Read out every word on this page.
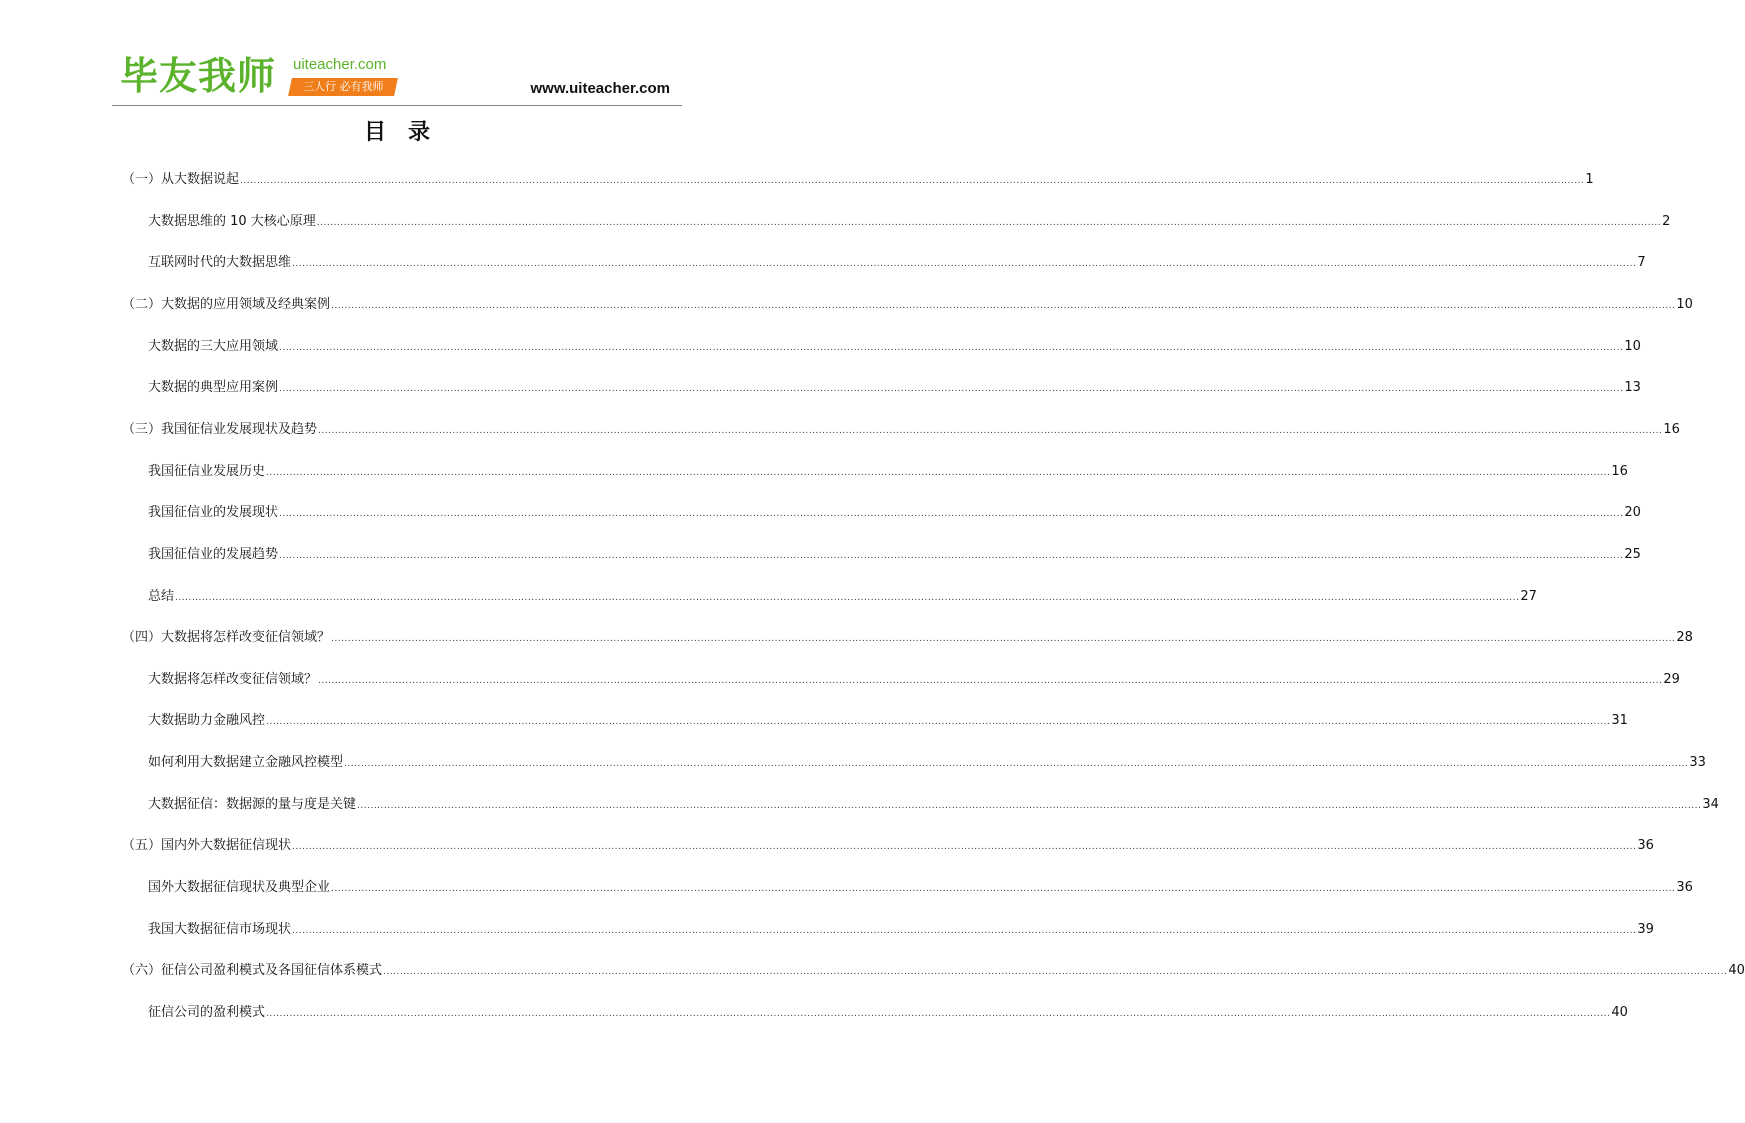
毕友我师 uiteacher.com
三人行 必有我师	www.uiteacher.com
目录
（一）从大数据说起 ................................................................................................................................................................................................................................................................................................................................................................................................................ 1
大数据思维的 10 大核心原理 ................................................................................................................................................................................................................................................................................................................................................................................................................ 2
互联网时代的大数据思维 ................................................................................................................................................................................................................................................................................................................................................................................................................ 7
（二）大数据的应用领域及经典案例 ................................................................................................................................................................................................................................................................................................................................................................................................................ 10
大数据的三大应用领域 ................................................................................................................................................................................................................................................................................................................................................................................................................ 10
大数据的典型应用案例 ................................................................................................................................................................................................................................................................................................................................................................................................................ 13
（三）我国征信业发展现状及趋势 ................................................................................................................................................................................................................................................................................................................................................................................................................ 16
我国征信业发展历史 ................................................................................................................................................................................................................................................................................................................................................................................................................ 16
我国征信业的发展现状 ................................................................................................................................................................................................................................................................................................................................................................................................................ 20
我国征信业的发展趋势 ................................................................................................................................................................................................................................................................................................................................................................................................................ 25
总结 ................................................................................................................................................................................................................................................................................................................................................................................................................ 27
（四）大数据将怎样改变征信领域？ ................................................................................................................................................................................................................................................................................................................................................................................................................ 28
大数据将怎样改变征信领域？ ................................................................................................................................................................................................................................................................................................................................................................................................................ 29
大数据助力金融风控 ................................................................................................................................................................................................................................................................................................................................................................................................................ 31
如何利用大数据建立金融风控模型 ................................................................................................................................................................................................................................................................................................................................................................................................................ 33
大数据征信：数据源的量与度是关键 ................................................................................................................................................................................................................................................................................................................................................................................................................ 34
（五）国内外大数据征信现状 ................................................................................................................................................................................................................................................................................................................................................................................................................ 36
国外大数据征信现状及典型企业 ................................................................................................................................................................................................................................................................................................................................................................................................................ 36
我国大数据征信市场现状 ................................................................................................................................................................................................................................................................................................................................................................................................................ 39
（六）征信公司盈利模式及各国征信体系模式 ................................................................................................................................................................................................................................................................................................................................................................................................................ 40
征信公司的盈利模式 ................................................................................................................................................................................................................................................................................................................................................................................................................ 40
